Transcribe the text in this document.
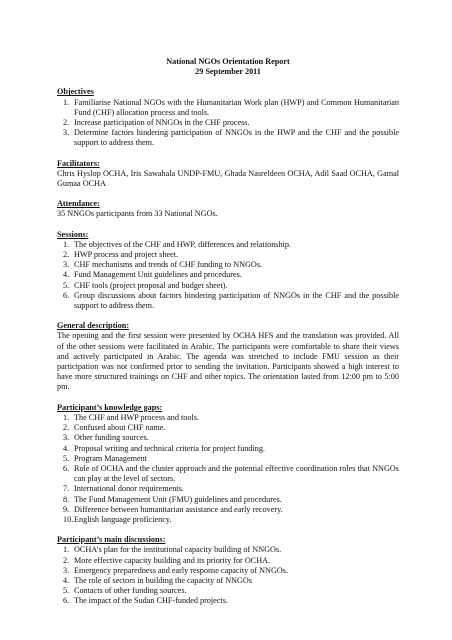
National NGOs Orientation Report
29 September 2011
Objectives
1. Familiarise National NGOs with the Humanitarian Work plan (HWP) and Common Humanitarian Fund (CHF) allocation process and tools.
2. Increase participation of NNGOs in the CHF process.
3. Determine factors hindering participation of NNGOs in the HWP and the CHF and the possible support to address them.
Facilitators:

Chris Hyslop OCHA, Iris Sawahala UNDP-FMU, Ghada Nasreldeen OCHA, Adil Saad OCHA, Gamal Gumaa OCHA

Attendance:

35 NNGOs participants from 33 National NGOs.

Sessions:
1. The objectives of the CHF and HWP, differences and relationship.
2. HWP process and project sheet.
3. CHF mechanisms and trends of CHF funding to NNGOs.
4. Fund Management Unit guidelines and procedures.
5. CHF tools (project proposal and budget sheet).
6. Group discussions about factors hindering participation of NNGOs in the CHF and the possible support to address them.
General description:

The opening and the first session were presented by OCHA HFS and the translation was provided. All of the other sessions were facilitated in Arabic. The participants were comfortable to share their views and actively participated in Arabic. The agenda was stretched to include FMU session as their participation was not confirmed prior to sending the invitation. Participants showed a high interest to have more structured trainings on CHF and other topics. The orientation lasted from 12:00 pm to 5:00 pm.

Participant’s knowledge gaps:
1. The CHF and HWP process and tools.
2. Confused about CHF name.
3. Other funding sources.
4. Proposal writing and technical criteria for project funding.
5. Program Management
6. Role of OCHA and the cluster approach and the potential effective coordination roles that NNGOs can play at the level of sectors.
7. International donor requirements.
8. The Fund Management Unit (FMU) guidelines and procedures.
9. Difference between humanitarian assistance and early recovery.
10. English language proficiency.
Participant’s main discussions:
1. OCHA’s plan for the institutional capacity building of NNGOs.
2. More effective capacity building and its priority for OCHA.
3. Emergency preparedness and early response capacity of NNGOs.
4. The role of sectors in building the capacity of NNGOs
5. Contacts of other funding sources.
6. The impact of the Sudan CHF-funded projects.
